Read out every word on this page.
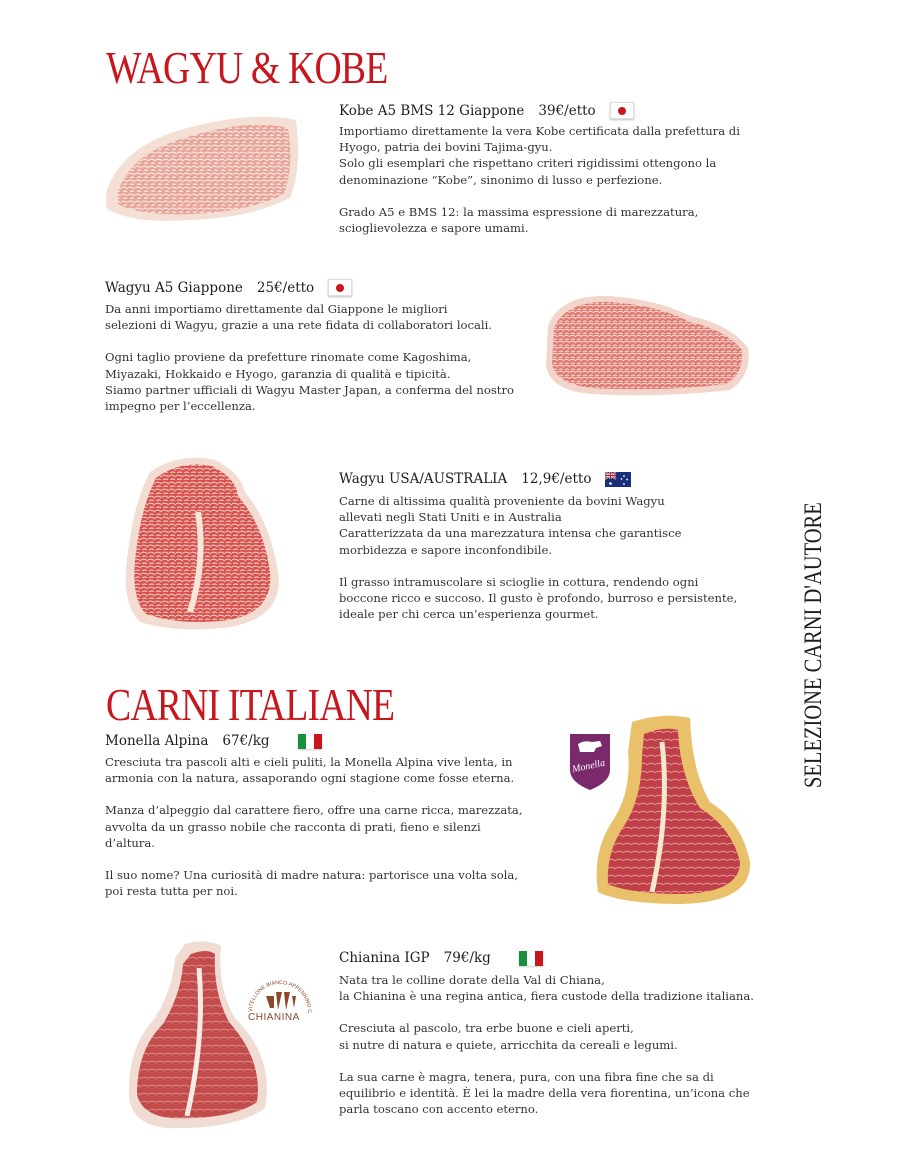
WAGYU & KOBE
CARNI ITALIANE	SELEZIONE CARNI D'AUTORE
Kobe A5 BMS 12 Giappone 39€/etto

Importiamo direttamente la vera Kobe certificata dalla prefettura di

Hyogo, patria dei bovini Tajima-gyu.

Solo gli esemplari che rispettano criteri rigidissimi ottengono la

denominazione “Kobe”, sinonimo di lusso e perfezione.

Grado A5 e BMS 12: la massima espressione di marezzatura,

scioglievolezza e sapore umami.

Wagyu A5 Giappone 25€/etto

Da anni importiamo direttamente dal Giappone le migliori

selezioni di Wagyu, grazie a una rete fidata di collaboratori locali.

Ogni taglio proviene da prefetture rinomate come Kagoshima,

Miyazaki, Hokkaido e Hyogo, garanzia di qualità e tipicità.

Siamo partner ufficiali di Wagyu Master Japan, a conferma del nostro

impegno per l’eccellenza.

Wagyu USA/AUSTRALIA 12,9€/etto

Carne di altissima qualità proveniente da bovini Wagyu

allevati negli Stati Uniti e in Australia

Caratterizzata da una marezzatura intensa che garantisce

morbidezza e sapore inconfondibile.

Il grasso intramuscolare si scioglie in cottura, rendendo ogni

boccone ricco e succoso. Il gusto è profondo, burroso e persistente,

ideale per chi cerca un’esperienza gourmet.

Monella Alpina 67€/kg

Cresciuta tra pascoli alti e cieli puliti, la Monella Alpina vive lenta, in

armonia con la natura, assaporando ogni stagione come fosse eterna.

Manza d’alpeggio dal carattere fiero, offre una carne ricca, marezzata,

avvolta da un grasso nobile che racconta di prati, fieno e silenzi

d’altura.

Il suo nome? Una curiosità di madre natura: partorisce una volta sola,

poi resta tutta per noi.

Monella
VITELLONE BIANCO APPENNINO C
CHIANINA
Chianina IGP 79€/kg

Nata tra le colline dorate della Val di Chiana,

la Chianina è una regina antica, fiera custode della tradizione italiana.

Cresciuta al pascolo, tra erbe buone e cieli aperti,

si nutre di natura e quiete, arricchita da cereali e legumi.

La sua carne è magra, tenera, pura, con una fibra fine che sa di

equilibrio e identità. È lei la madre della vera fiorentina, un’icona che

parla toscano con accento eterno.
